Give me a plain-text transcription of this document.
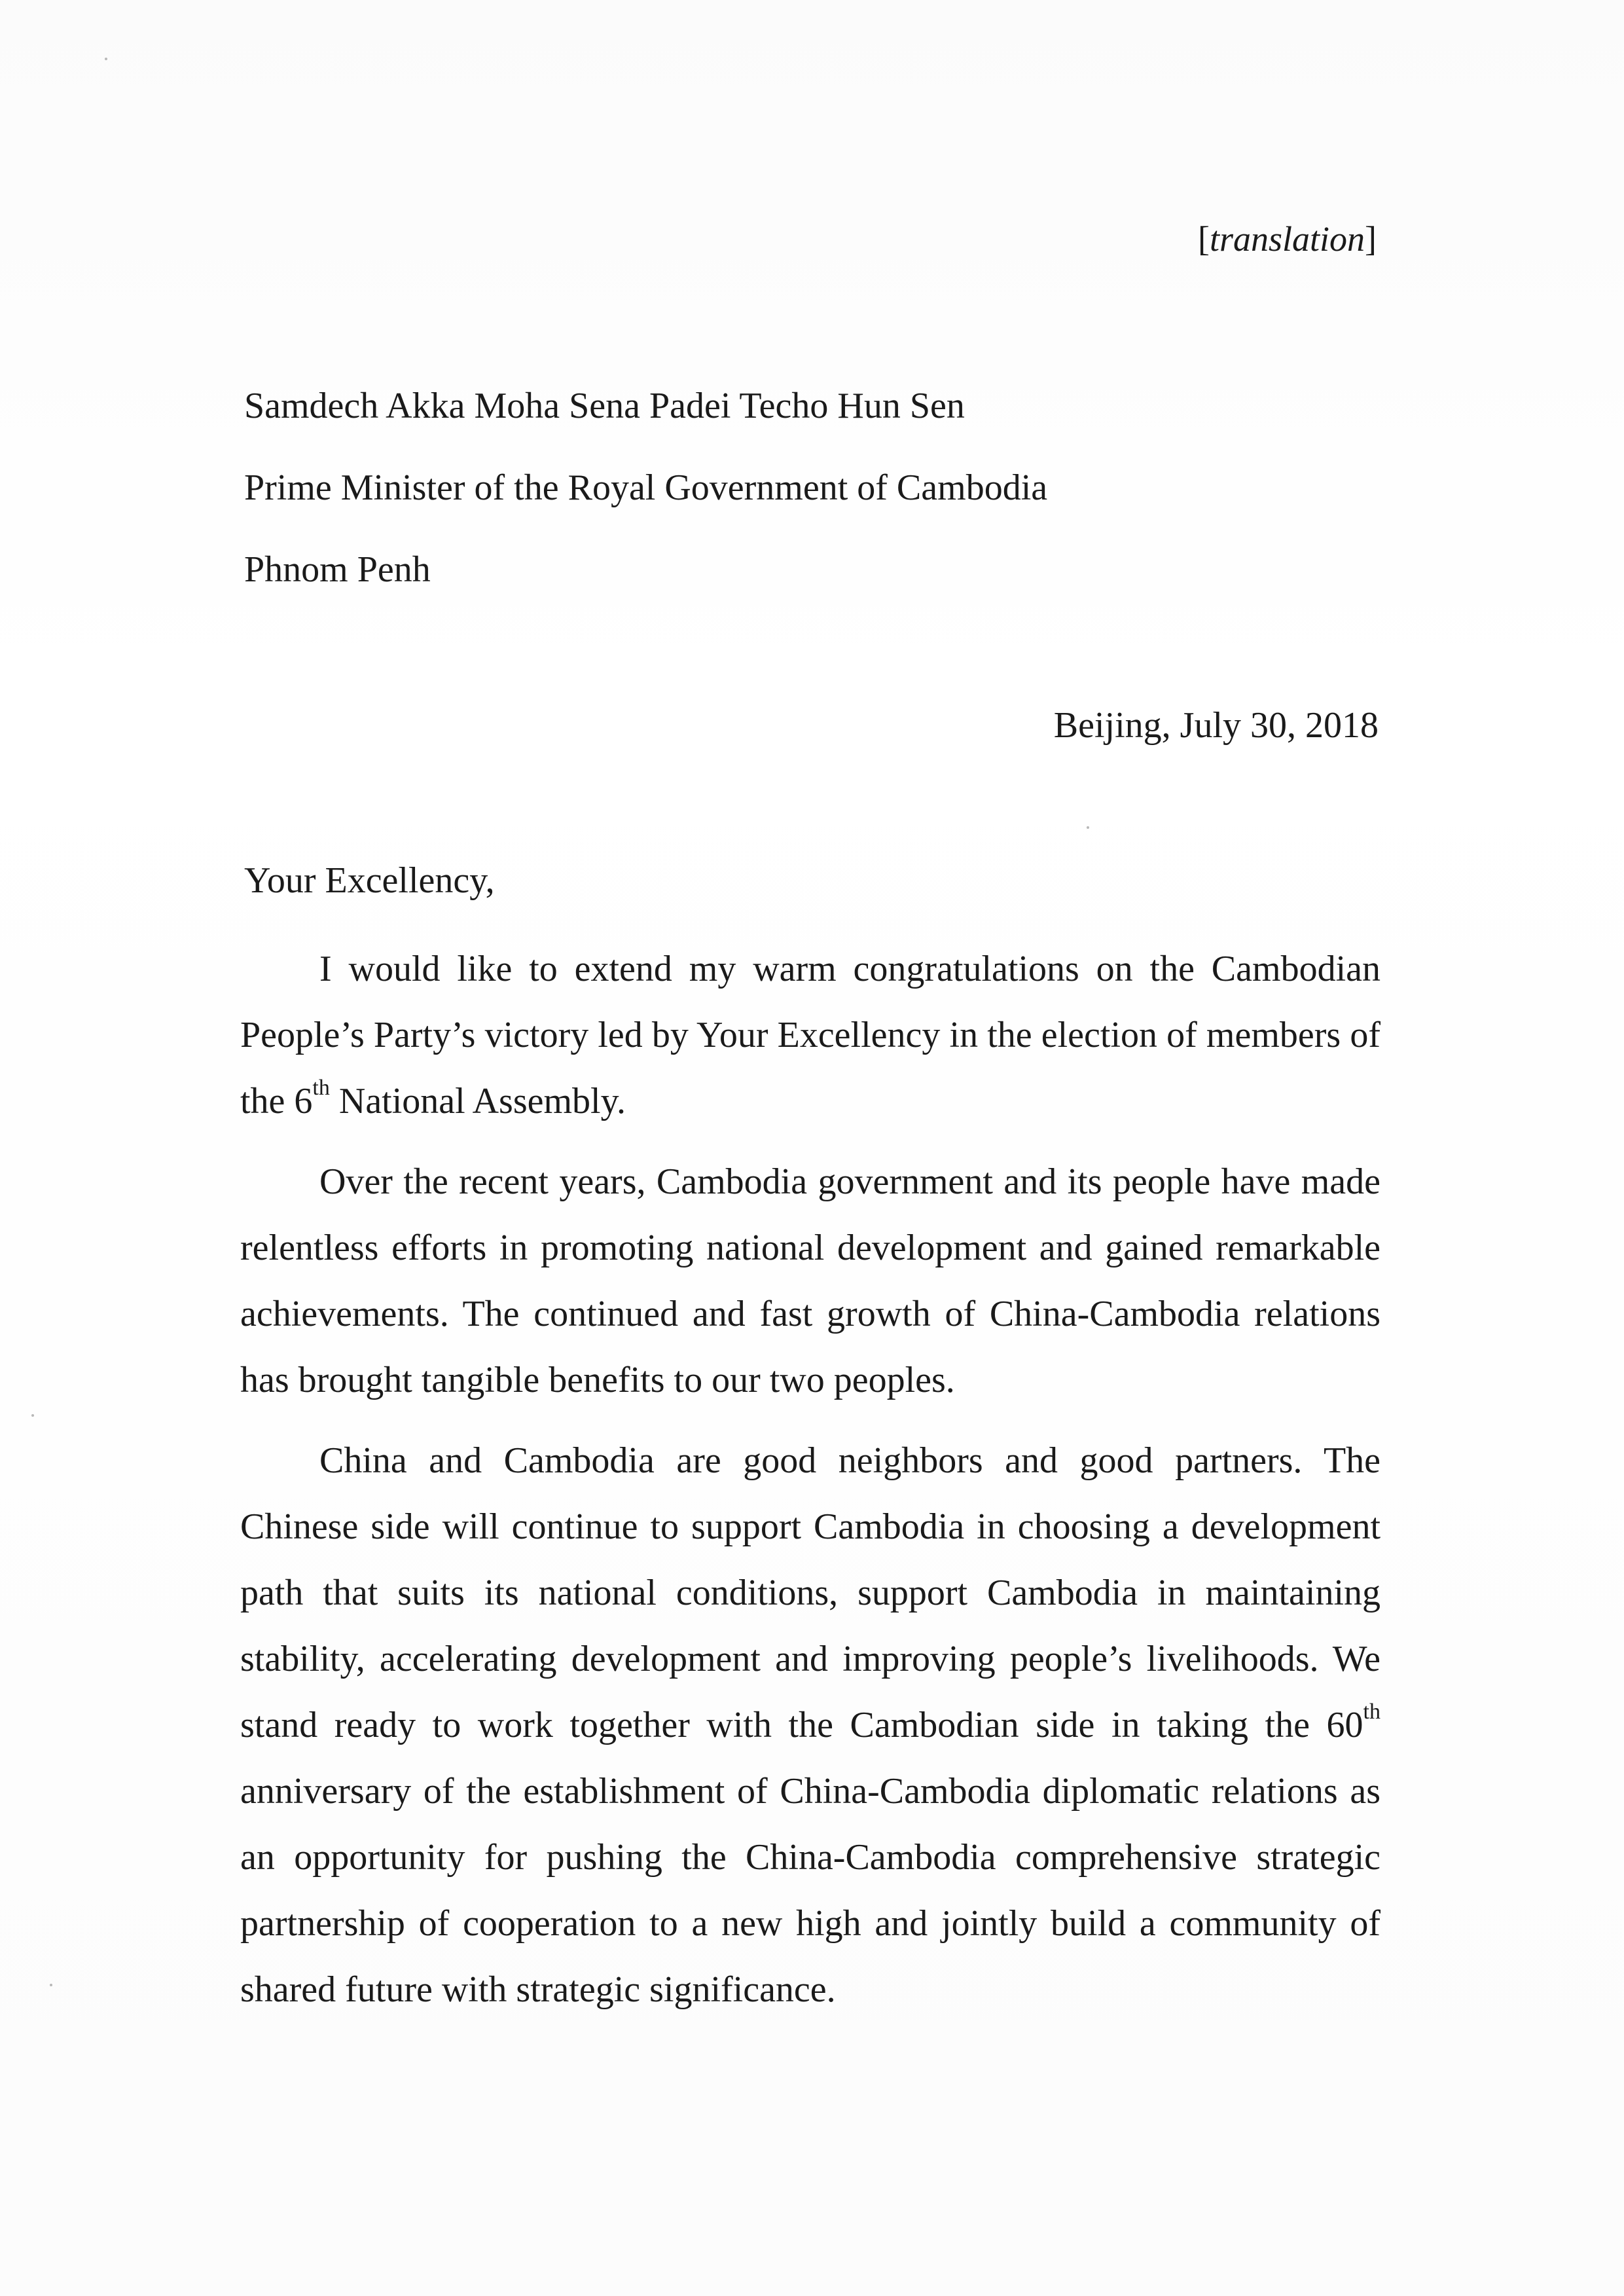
[translation]
Samdech Akka Moha Sena Padei Techo Hun Sen
Prime Minister of the Royal Government of Cambodia
Phnom Penh
Beijing, July 30, 2018
Your Excellency,

I would like to extend my warm congratulations on the Cambodian People’s Party’s victory led by Your Excellency in the election of members of the 6th National Assembly.

Over the recent years, Cambodia government and its people have made relentless efforts in promoting national development and gained remarkable achievements. The continued and fast growth of China-Cambodia relations has brought tangible benefits to our two peoples.

China and Cambodia are good neighbors and good partners. The Chinese side will continue to support Cambodia in choosing a development path that suits its national conditions, support Cambodia in maintaining stability, accelerating development and improving people’s livelihoods. We stand ready to work together with the Cambodian side in taking the 60th anniversary of the establishment of China-Cambodia diplomatic relations as an opportunity for pushing the China-Cambodia comprehensive strategic partnership of cooperation to a new high and jointly build a community of shared future with strategic significance.
